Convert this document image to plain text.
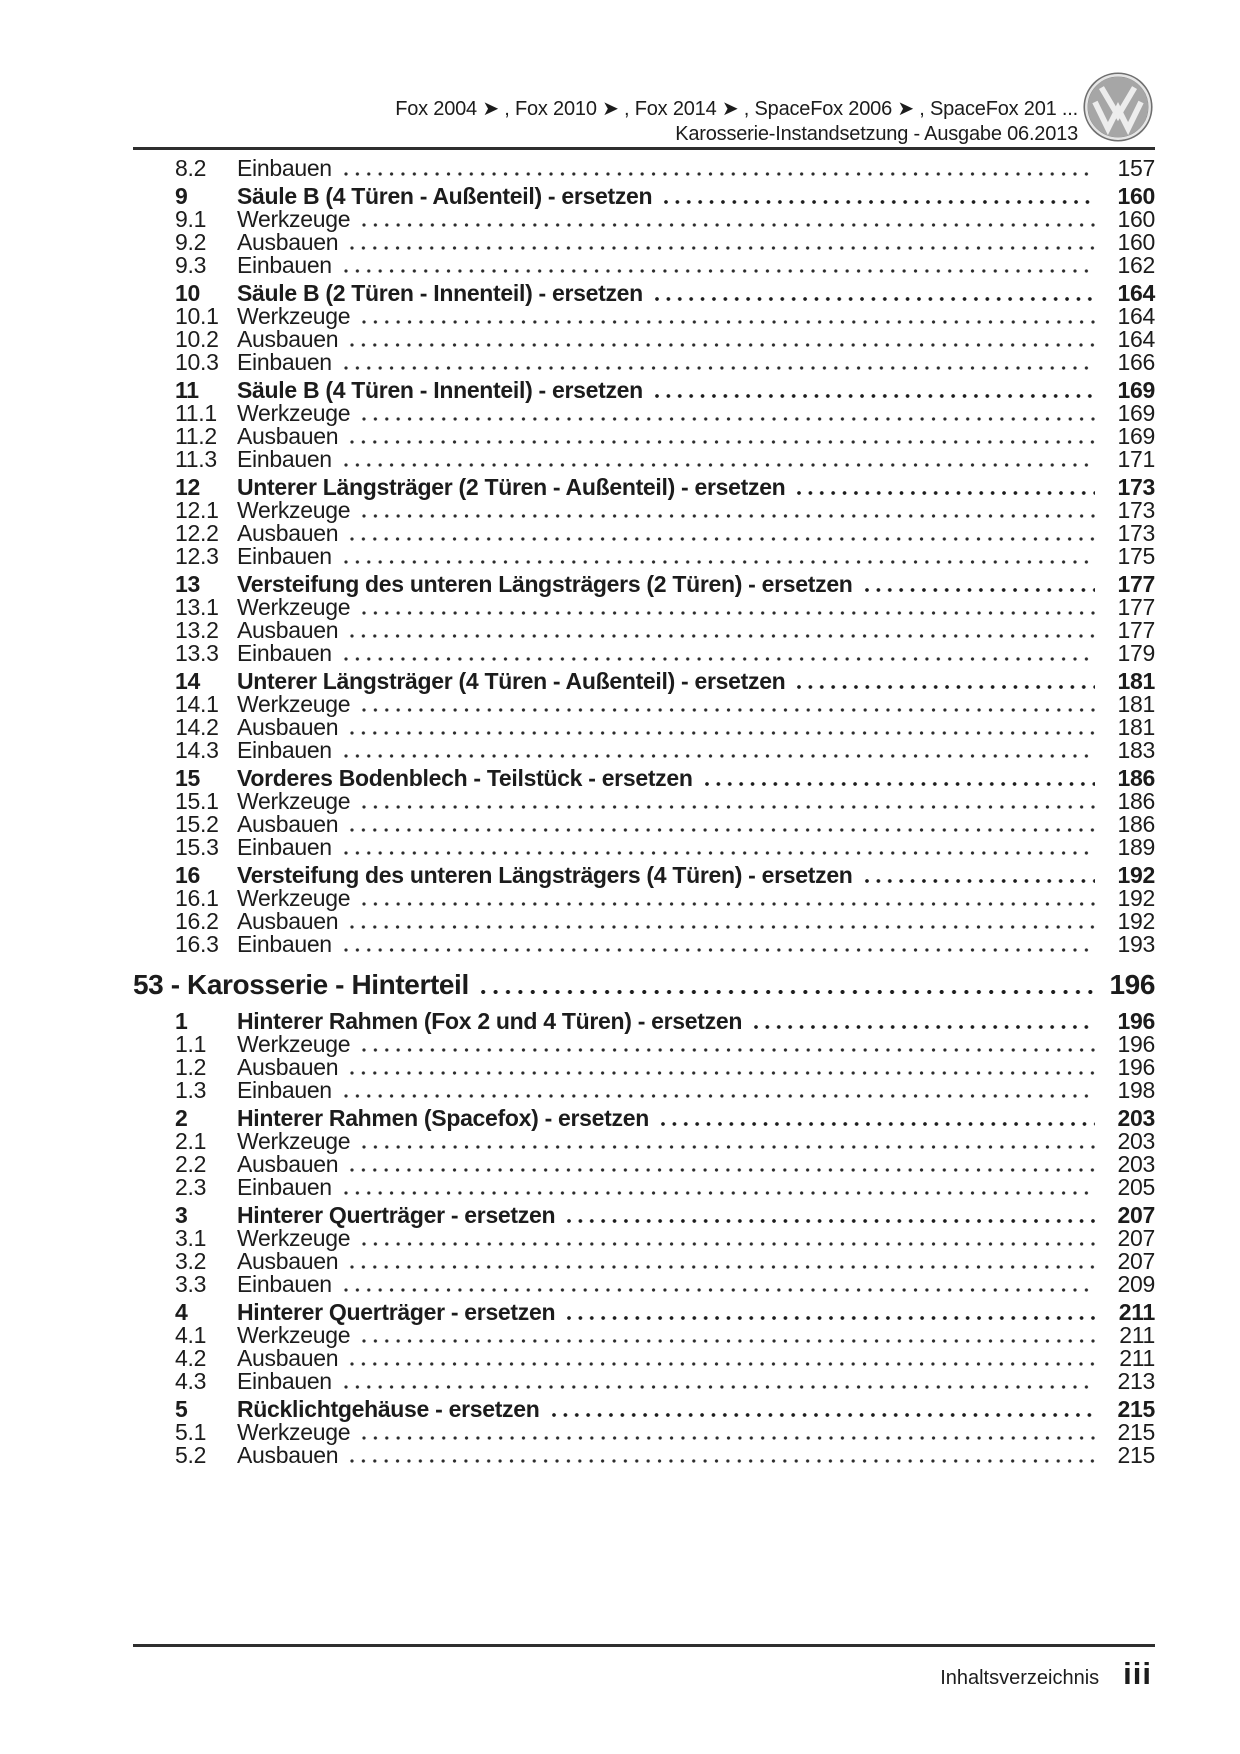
Fox 2004 ➤ , Fox 2010 ➤ , Fox 2014 ➤ , SpaceFox 2006 ➤ , SpaceFox 201 ...
Karosserie-Instandsetzung - Ausgabe 06.2013
8.2	Einbauen	157
9	Säule B (4 Türen - Außenteil) - ersetzen	160
9.1	Werkzeuge	160
9.2	Ausbauen	160
9.3	Einbauen	162
10	Säule B (2 Türen - Innenteil) - ersetzen	164
10.1 Werkzeuge	164
10.2 Ausbauen	164
10.3 Einbauen	166
11	Säule B (4 Türen - Innenteil) - ersetzen	169
11.1 Werkzeuge	169
11.2 Ausbauen	169
11.3 Einbauen	171
12	Unterer Längsträger (2 Türen - Außenteil) - ersetzen	173
12.1 Werkzeuge	173
12.2 Ausbauen	173
12.3 Einbauen	175
13	Versteifung des unteren Längsträgers (2 Türen) - ersetzen	177
13.1 Werkzeuge	177
13.2 Ausbauen	177
13.3 Einbauen	179
14	Unterer Längsträger (4 Türen - Außenteil) - ersetzen	181
14.1 Werkzeuge	181
14.2 Ausbauen	181
14.3 Einbauen	183
15	Vorderes Bodenblech - Teilstück - ersetzen	186
15.1 Werkzeuge	186
15.2 Ausbauen	186
15.3 Einbauen	189
16	Versteifung des unteren Längsträgers (4 Türen) - ersetzen	192
16.1 Werkzeuge	192
16.2 Ausbauen	192
16.3 Einbauen	193
53 - Karosserie - Hinterteil	196
1	Hinterer Rahmen (Fox 2 und 4 Türen) - ersetzen	196
1.1	Werkzeuge	196
1.2	Ausbauen	196
1.3	Einbauen	198
2	Hinterer Rahmen (Spacefox) - ersetzen	203
2.1	Werkzeuge	203
2.2	Ausbauen	203
2.3	Einbauen	205
3	Hinterer Querträger - ersetzen	207
3.1	Werkzeuge	207
3.2	Ausbauen	207
3.3	Einbauen	209
4	Hinterer Querträger - ersetzen	211
4.1	Werkzeuge	211
4.2	Ausbauen	211
4.3	Einbauen	213
5	Rücklichtgehäuse - ersetzen	215
5.1	Werkzeuge	215
5.2	Ausbauen	215
Inhaltsverzeichnis iii
